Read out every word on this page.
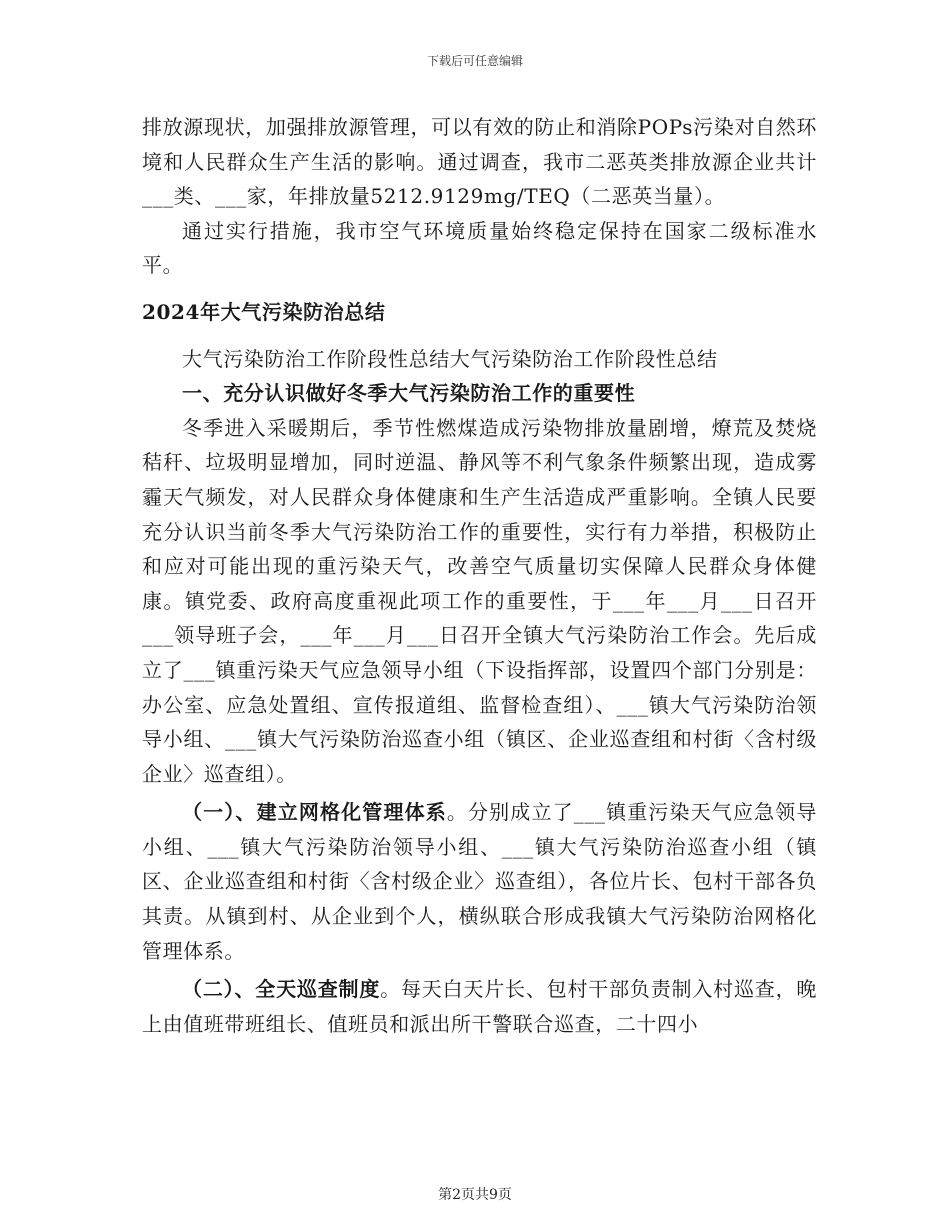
下载后可任意编辑

排放源现状，加强排放源管理，可以有效的防止和消除POPs污染对自然环境和人民群众生产生活的影响。通过调查，我市二恶英类排放源企业共计___类、___家，年排放量5212.9129mg/TEQ（二恶英当量）。

通过实行措施，我市空气环境质量始终稳定保持在国家二级标准水平。

2024年大气污染防治总结

大气污染防治工作阶段性总结大气污染防治工作阶段性总结

一、充分认识做好冬季大气污染防治工作的重要性

冬季进入采暖期后，季节性燃煤造成污染物排放量剧增，燎荒及焚烧秸秆、垃圾明显增加，同时逆温、静风等不利气象条件频繁出现，造成雾霾天气频发，对人民群众身体健康和生产生活造成严重影响。全镇人民要充分认识当前冬季大气污染防治工作的重要性，实行有力举措，积极防止和应对可能出现的重污染天气，改善空气质量切实保障人民群众身体健康。镇党委、政府高度重视此项工作的重要性，于___年___月___日召开___领导班子会，___年___月___日召开全镇大气污染防治工作会。先后成立了___镇重污染天气应急领导小组（下设指挥部，设置四个部门分别是：办公室、应急处置组、宣传报道组、监督检查组）、___镇大气污染防治领导小组、___镇大气污染防治巡查小组（镇区、企业巡查组和村街〈含村级企业〉巡查组）。

（一）、建立网格化管理体系。分别成立了___镇重污染天气应急领导小组、___镇大气污染防治领导小组、___镇大气污染防治巡查小组（镇区、企业巡查组和村街〈含村级企业〉巡查组），各位片长、包村干部各负其责。从镇到村、从企业到个人，横纵联合形成我镇大气污染防治网格化管理体系。

（二）、全天巡查制度。每天白天片长、包村干部负责制入村巡查，晚上由值班带班组长、值班员和派出所干警联合巡查，二十四小

第2页共9页
